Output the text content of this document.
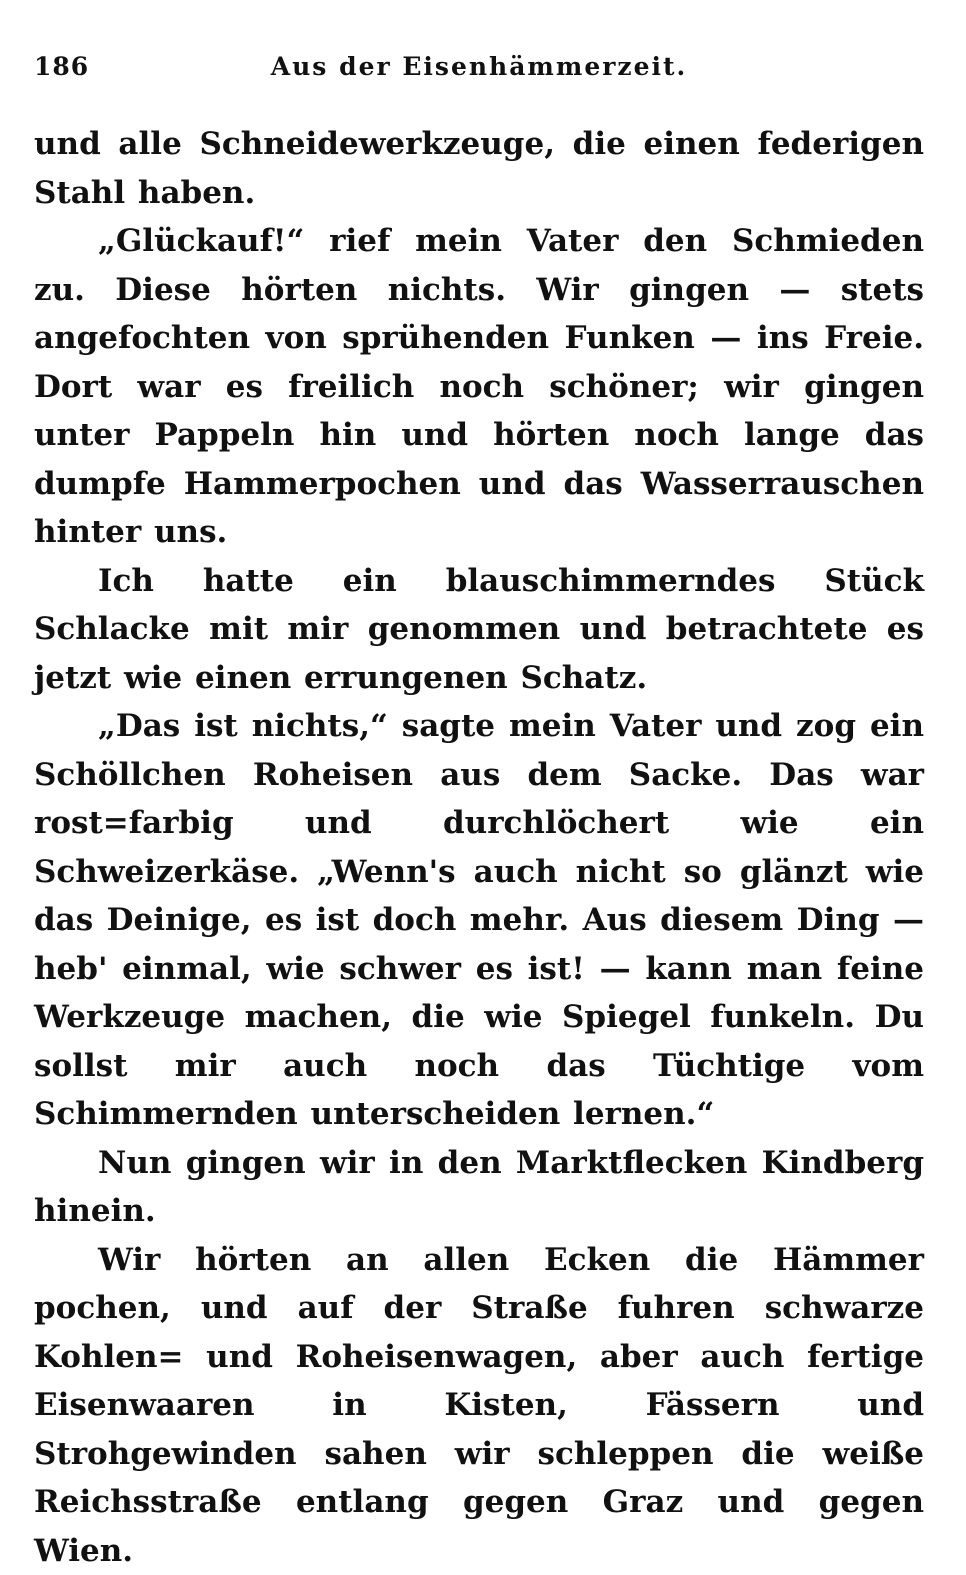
186	Aus der Eisenhämmerzeit.

und alle Schneidewerkzeuge, die einen federigen Stahl haben.

„Glückauf!“ rief mein Vater den Schmieden zu. Diese hörten nichts. Wir gingen — stets angefochten von sprühenden Funken — ins Freie. Dort war es freilich noch schöner; wir gingen unter Pappeln hin und hörten noch lange das dumpfe Hammerpochen und das Wasserrauschen hinter uns.

Ich hatte ein blauschimmerndes Stück Schlacke mit mir genommen und betrachtete es jetzt wie einen errungenen Schatz.

„Das ist nichts,“ sagte mein Vater und zog ein Schöllchen Roheisen aus dem Sacke. Das war rost=farbig und durchlöchert wie ein Schweizerkäse. „Wenn's auch nicht so glänzt wie das Deinige, es ist doch mehr. Aus diesem Ding — heb' einmal, wie schwer es ist! — kann man feine Werkzeuge machen, die wie Spiegel funkeln. Du sollst mir auch noch das Tüchtige vom Schimmernden unterscheiden lernen.“

Nun gingen wir in den Marktflecken Kindberg hinein.

Wir hörten an allen Ecken die Hämmer pochen, und auf der Straße fuhren schwarze Kohlen= und Roheisenwagen, aber auch fertige Eisenwaaren in Kisten, Fässern und Strohgewinden sahen wir schleppen die weiße Reichsstraße entlang gegen Graz und gegen Wien.
